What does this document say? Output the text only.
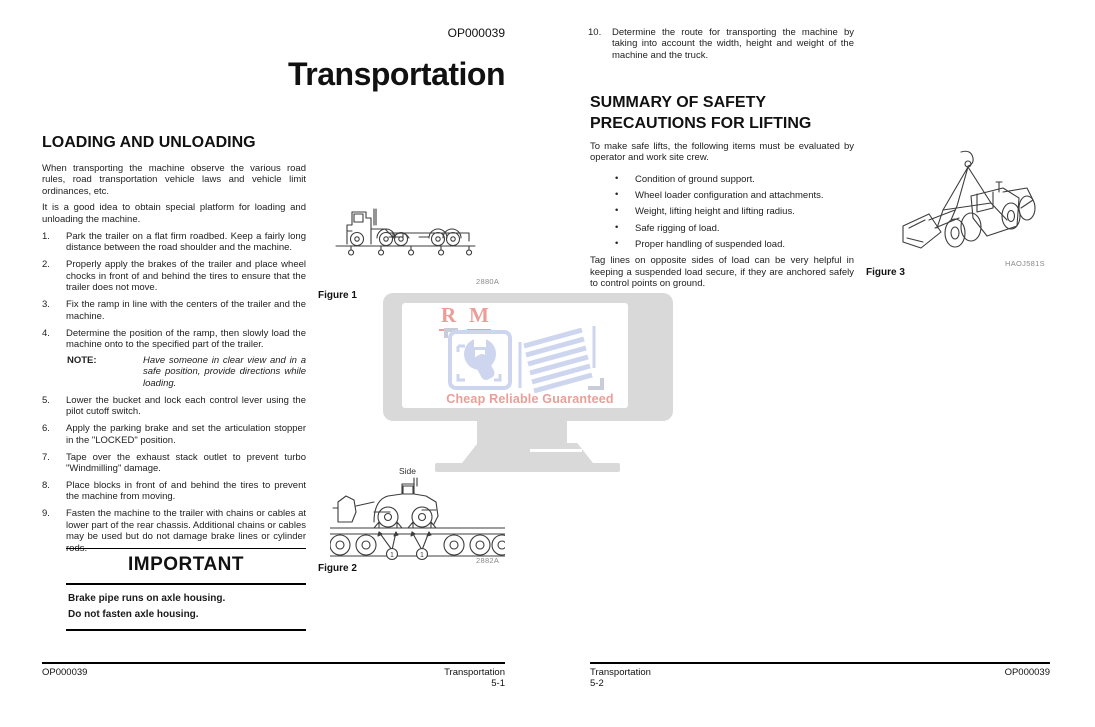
R M
Cheap Reliable Guaranteed
OP000039
Transportation
LOADING AND UNLOADING

When transporting the machine observe the various road rules, road transportation vehicle laws and vehicle limit ordinances, etc.

It is a good idea to obtain special platform for loading and unloading the machine.

1. Park the trailer on a flat firm roadbed. Keep a fairly long distance between the road shoulder and the machine.
2. Properly apply the brakes of the trailer and place wheel chocks in front of and behind the tires to ensure that the trailer does not move.
3. Fix the ramp in line with the centers of the trailer and the machine.
4. Determine the position of the ramp, then slowly load the machine onto to the specified part of the trailer.
NOTE:	Have someone in clear view and in a safe position, provide directions while loading.
5. Lower the bucket and lock each control lever using the pilot cutoff switch.
6. Apply the parking brake and set the articulation stopper in the "LOCKED" position.
7. Tape over the exhaust stack outlet to prevent turbo "Windmilling" damage.
8. Place blocks in front of and behind the tires to prevent the machine from moving.
9. Fasten the machine to the trailer with chains or cables at lower part of the rear chassis. Additional chains or cables may be used but do not damage brake lines or cylinder rods.
IMPORTANT
Brake pipe runs on axle housing.
Do not fasten axle housing.
2880A
Figure 1
Side
1	1
2882A
Figure 2
OP000039	Transportation
5-1
10. Determine the route for transporting the machine by taking into account the width, height and weight of the machine and the truck.
SUMMARY OF SAFETY PRECAUTIONS FOR LIFTING

To make safe lifts, the following items must be evaluated by operator and work site crew.

• Condition of ground support.
• Wheel loader configuration and attachments.
• Weight, lifting height and lifting radius.
• Safe rigging of load.
• Proper handling of suspended load.

Tag lines on opposite sides of load can be very helpful in keeping a suspended load secure, if they are anchored safely to control points on ground.

HAOJ581S
Figure 3
Transportation
5-2
OP000039
